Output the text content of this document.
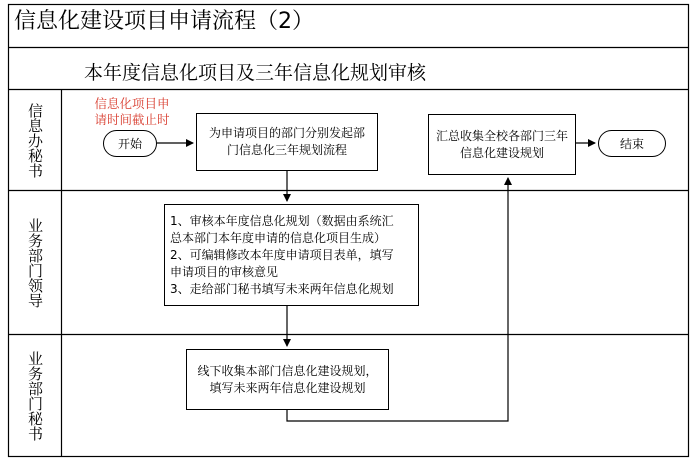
信息化建设项目申请流程（2）
本年度信息化项目及三年信息化规划审核
信息办秘书
业务部门领导
业务部门秘书
信息化项目申
请时间截止时
开始

为申请项目的部门分别发起部

门信息化三年规划流程

1、审核本年度信息化规划（数据由系统汇

总本部门本年度申请的信息化项目生成）

2、可编辑修改本年度申请项目表单，填写

申请项目的审核意见

3、走给部门秘书填写未来两年信息化规划

线下收集本部门信息化建设规划，

填写未来两年信息化建设规划

汇总收集全校各部门三年

信息化建设规划

结束
